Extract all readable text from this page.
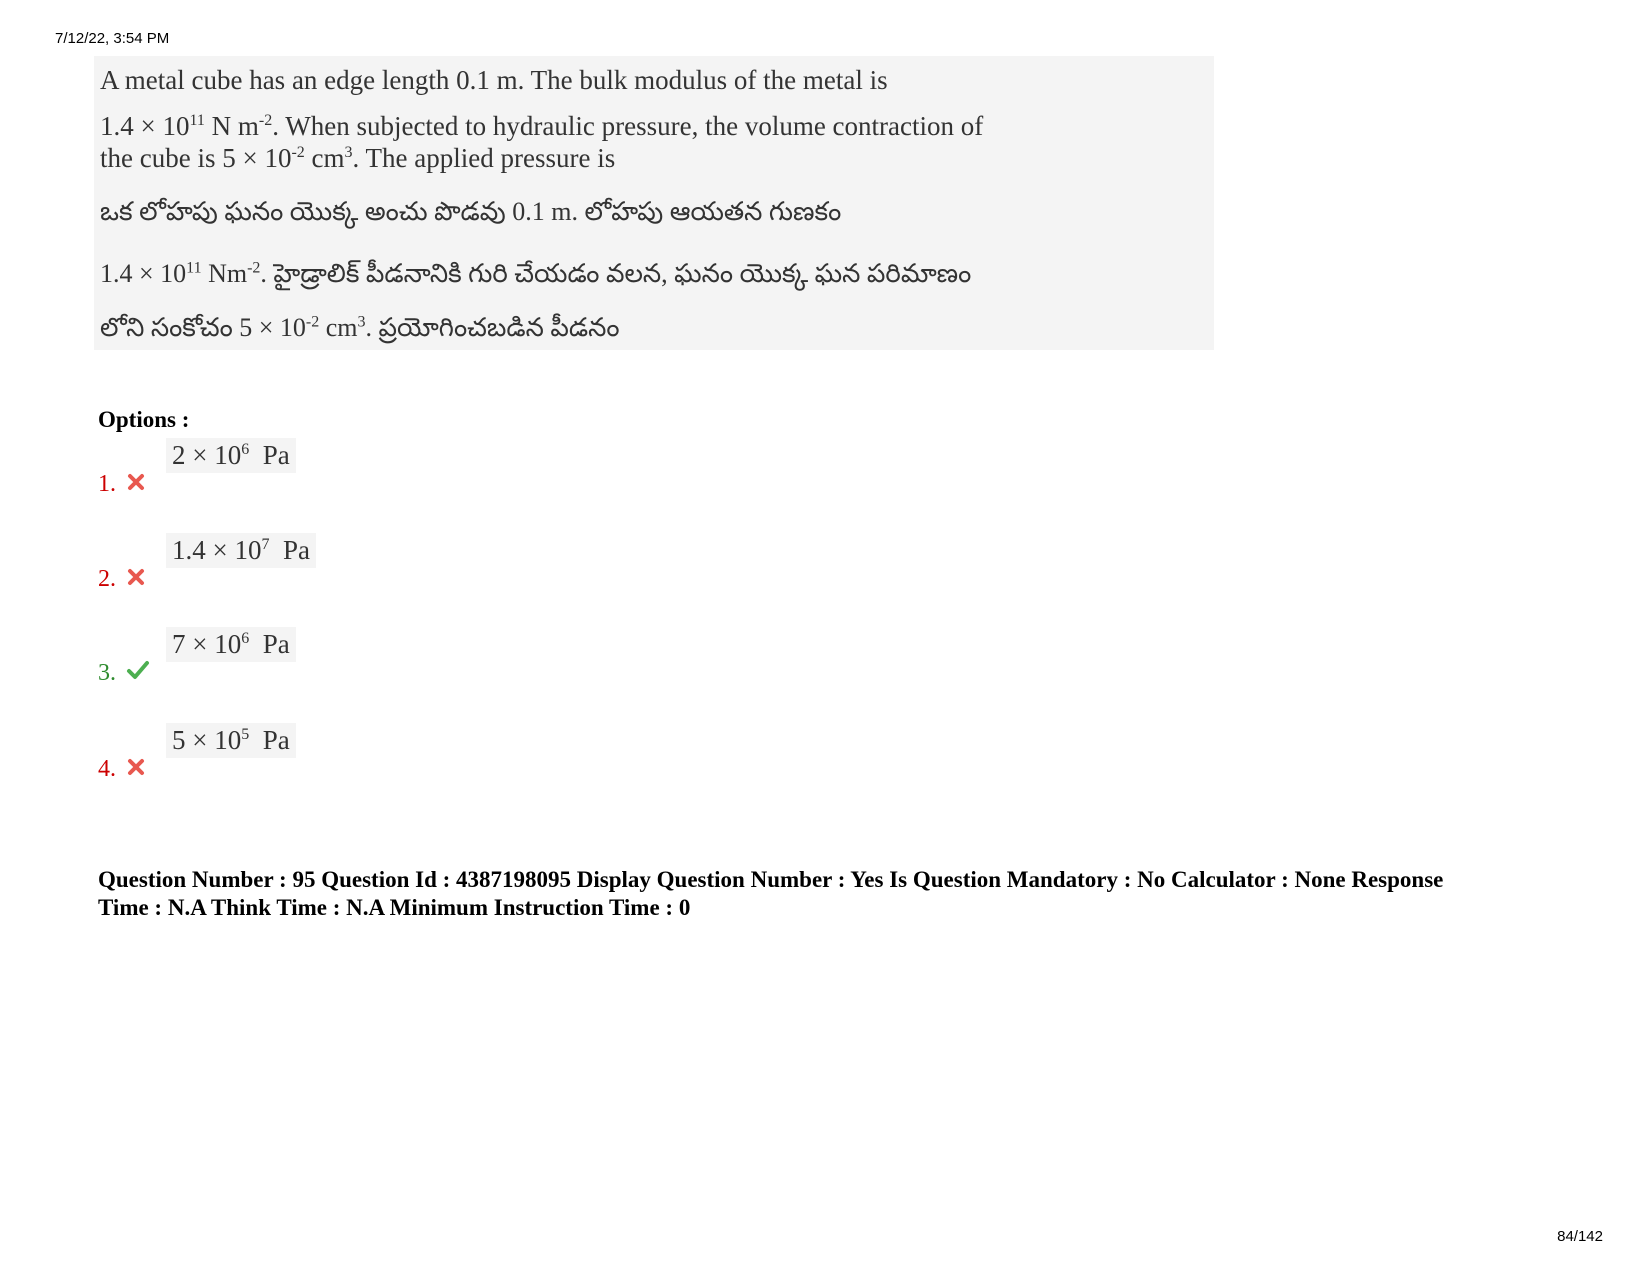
7/12/22, 3:54 PM

A metal cube has an edge length 0.1 m. The bulk modulus of the metal is

$1.4 \times 10^{11}$ N $m^{-2}$. When subjected to hydraulic pressure, the volume contraction of

the cube is $5 \times 10^{-2}$ $cm^3$. The applied pressure is

ఒక లోహపు ఘనం యొక్క అంచు పొడవు 0.1 m. లోహపు ఆయతన గుణకం

$1.4 \times 10^{11}$ $Nm^{-2}$. హైడ్రాలిక్ పీడనానికి గురి చేయడం వలన, ఘనం యొక్క ఘన పరిమాణం

లోని సంకోచం $5 \times 10^{-2}$ $cm^3$. ప్రయోగించబడిన పీడనం

Options :
1.
$2 \times 10^6$  Pa
2.
$1.4 \times 10^7$  Pa
3.
$7 \times 10^6$  Pa
4.
$5 \times 10^5$  Pa
Question Number : 95 Question Id : 4387198095 Display Question Number : Yes Is Question Mandatory : No Calculator : None Response
Time : N.A Think Time : N.A Minimum Instruction Time : 0
84/142
